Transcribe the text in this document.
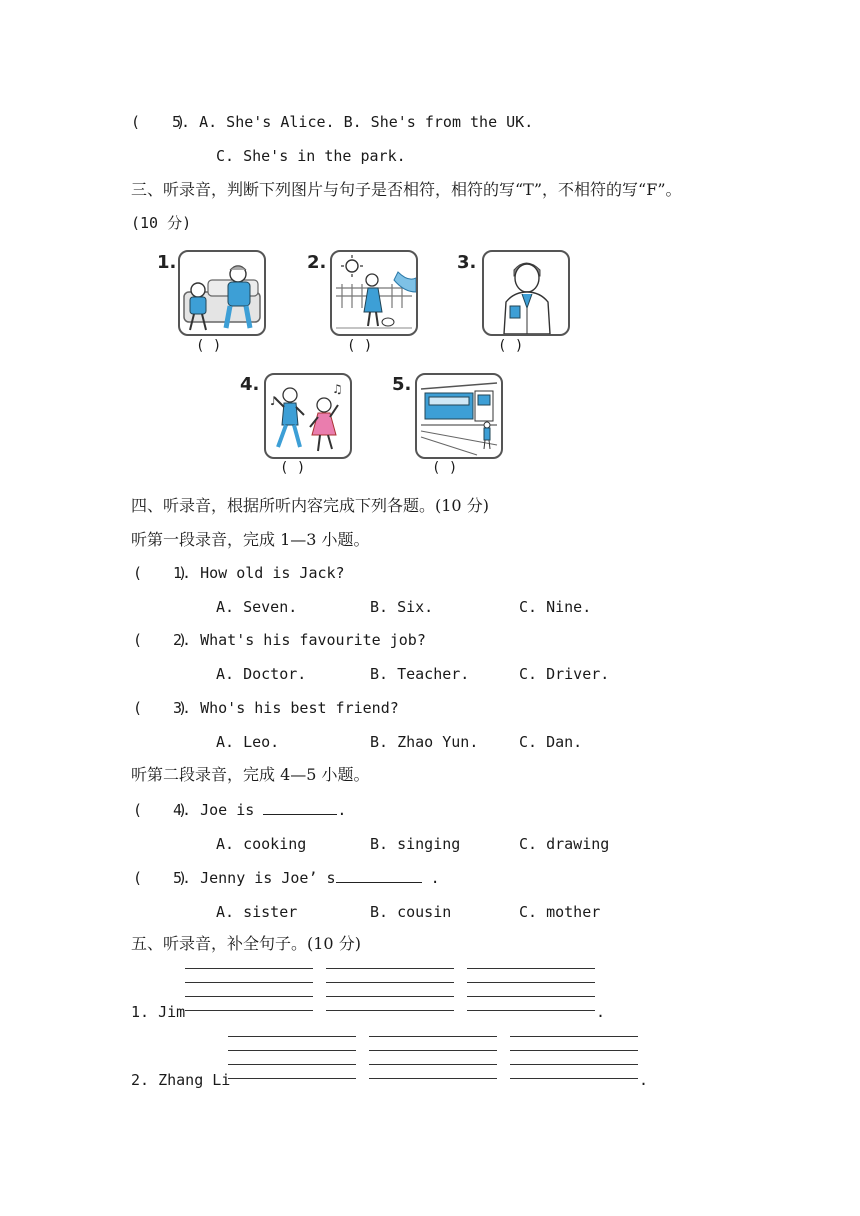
(    )
5. A. She's Alice. B. She's from the UK.
C. She's in the park.
三、听录音，判断下列图片与句子是否相符，相符的写“T”，不相符的写“F”。
(10 分)
1.
( )
2.
( )
3.
( )
4.
♪
♫
( )
5.
( )
四、听录音，根据所听内容完成下列各题。(10 分)
听第一段录音，完成 1—3 小题。
(    )
1. How old is Jack?
A. Seven.	B. Six.	C. Nine.
(    )
2. What's his favourite job?
A. Doctor.	B. Teacher.	C. Driver.
(    )
3. Who's his best friend?
A. Leo.	B. Zhao Yun.	C. Dan.
听第二段录音，完成 4—5 小题。
(    )
4. Joe is	.
A. cooking	B. singing	C. drawing
(    )
5. Jenny is Joe’ s	.
A. sister	B. cousin	C. mother
五、听录音，补全句子。(10 分)
1. Jim	.
2. Zhang Li	.
